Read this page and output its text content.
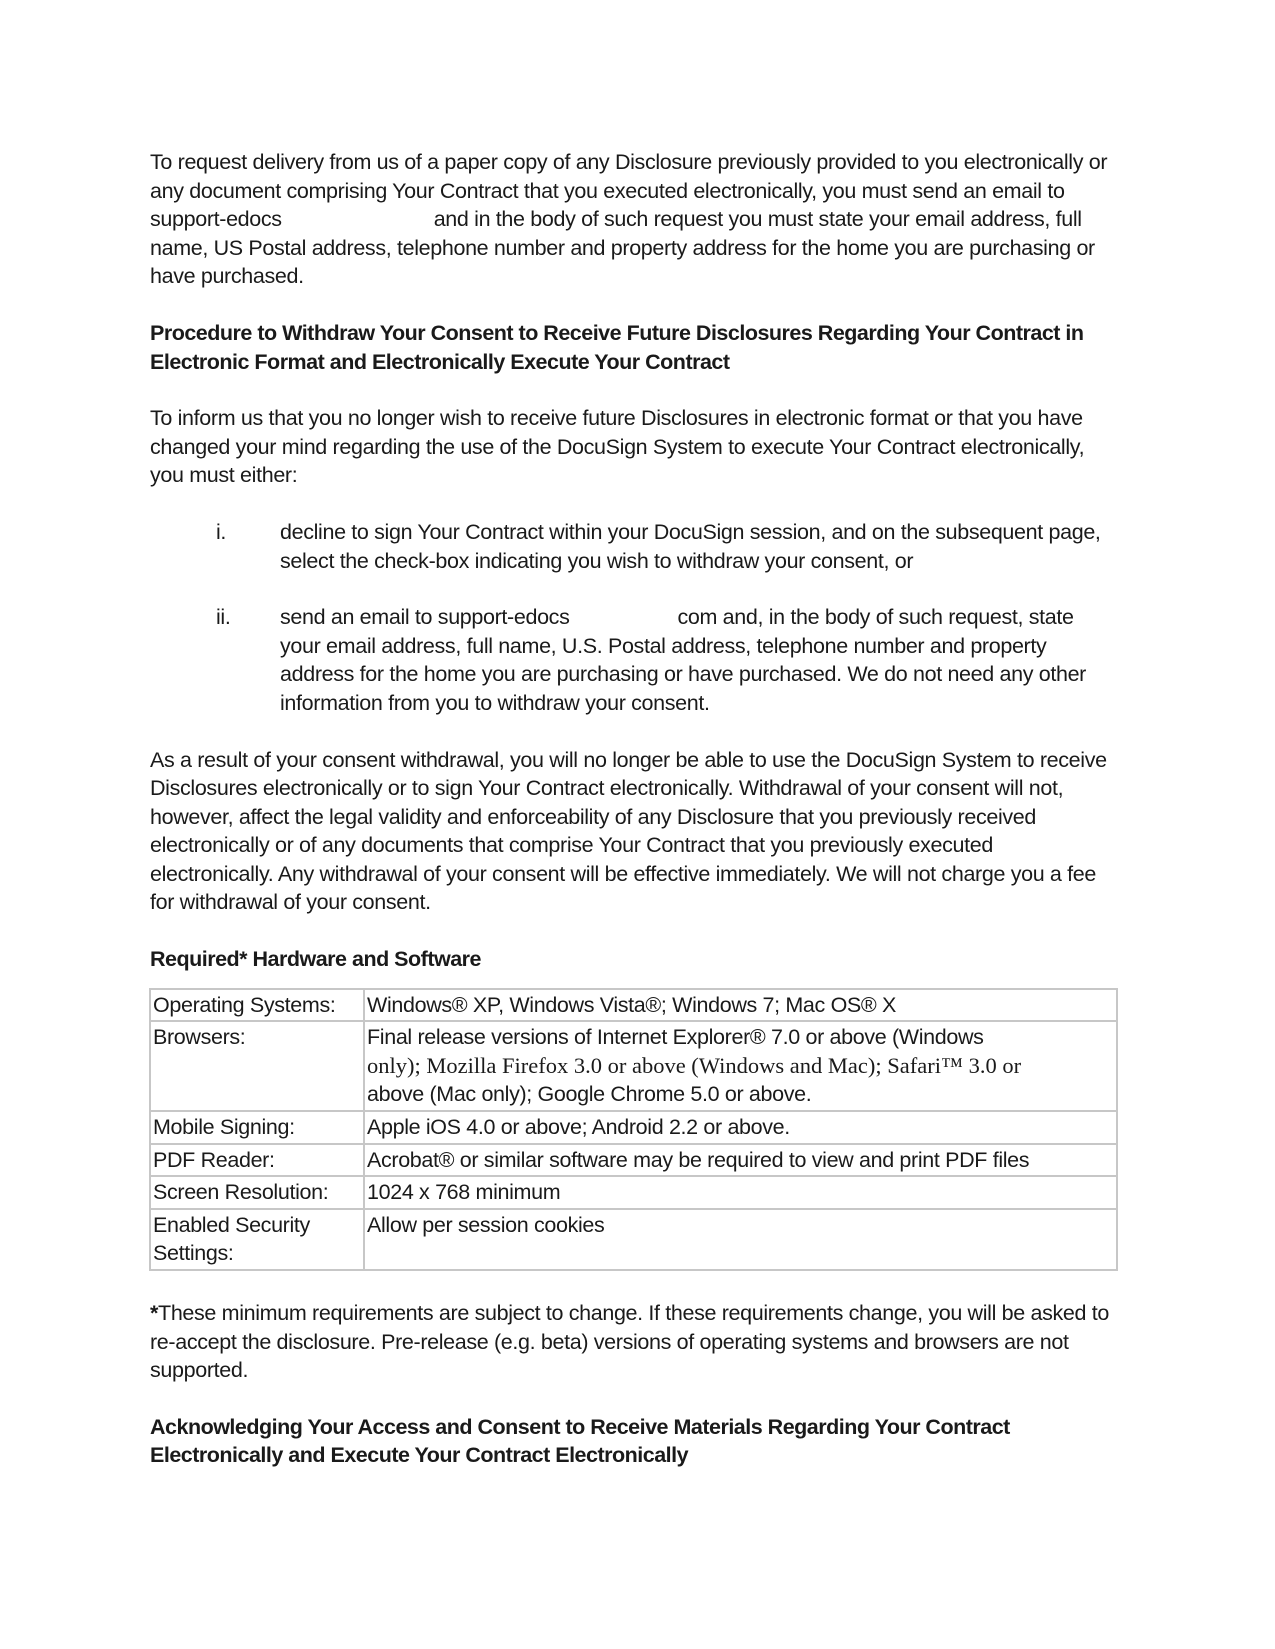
To request delivery from us of a paper copy of any Disclosure previously provided to you electronically or any document comprising Your Contract that you executed electronically, you must send an email to support-edocs	and in the body of such request you must state your email address, full name, US Postal address, telephone number and property address for the home you are purchasing or have purchased.

Procedure to Withdraw Your Consent to Receive Future Disclosures Regarding Your Contract in Electronic Format and Electronically Execute Your Contract

To inform us that you no longer wish to receive future Disclosures in electronic format or that you have changed your mind regarding the use of the DocuSign System to execute Your Contract electronically, you must either:

i.	decline to sign Your Contract within your DocuSign session, and on the subsequent page, select the check-box indicating you wish to withdraw your consent, or
ii.	send an email to support-edocs	com and, in the body of such request, state your email address, full name, U.S. Postal address, telephone number and property address for the home you are purchasing or have purchased. We do not need any other information from you to withdraw your consent.

As a result of your consent withdrawal, you will no longer be able to use the DocuSign System to receive Disclosures electronically or to sign Your Contract electronically. Withdrawal of your consent will not, however, affect the legal validity and enforceability of any Disclosure that you previously received electronically or of any documents that comprise Your Contract that you previously executed electronically. Any withdrawal of your consent will be effective immediately. We will not charge you a fee for withdrawal of your consent.

Required* Hardware and Software

Operating Systems:	Windows® XP, Windows Vista®; Windows 7; Mac OS® X
Browsers:	Final release versions of Internet Explorer® 7.0 or above (Windows
only); Mozilla Firefox 3.0 or above (Windows and Mac); Safari™ 3.0 or
above (Mac only); Google Chrome 5.0 or above.
Mobile Signing:	Apple iOS 4.0 or above; Android 2.2 or above.
PDF Reader:	Acrobat® or similar software may be required to view and print PDF files
Screen Resolution:	1024 x 768 minimum
Enabled Security Settings:	Allow per session cookies

*These minimum requirements are subject to change. If these requirements change, you will be asked to re-accept the disclosure. Pre-release (e.g. beta) versions of operating systems and browsers are not supported.

Acknowledging Your Access and Consent to Receive Materials Regarding Your Contract Electronically and Execute Your Contract Electronically
